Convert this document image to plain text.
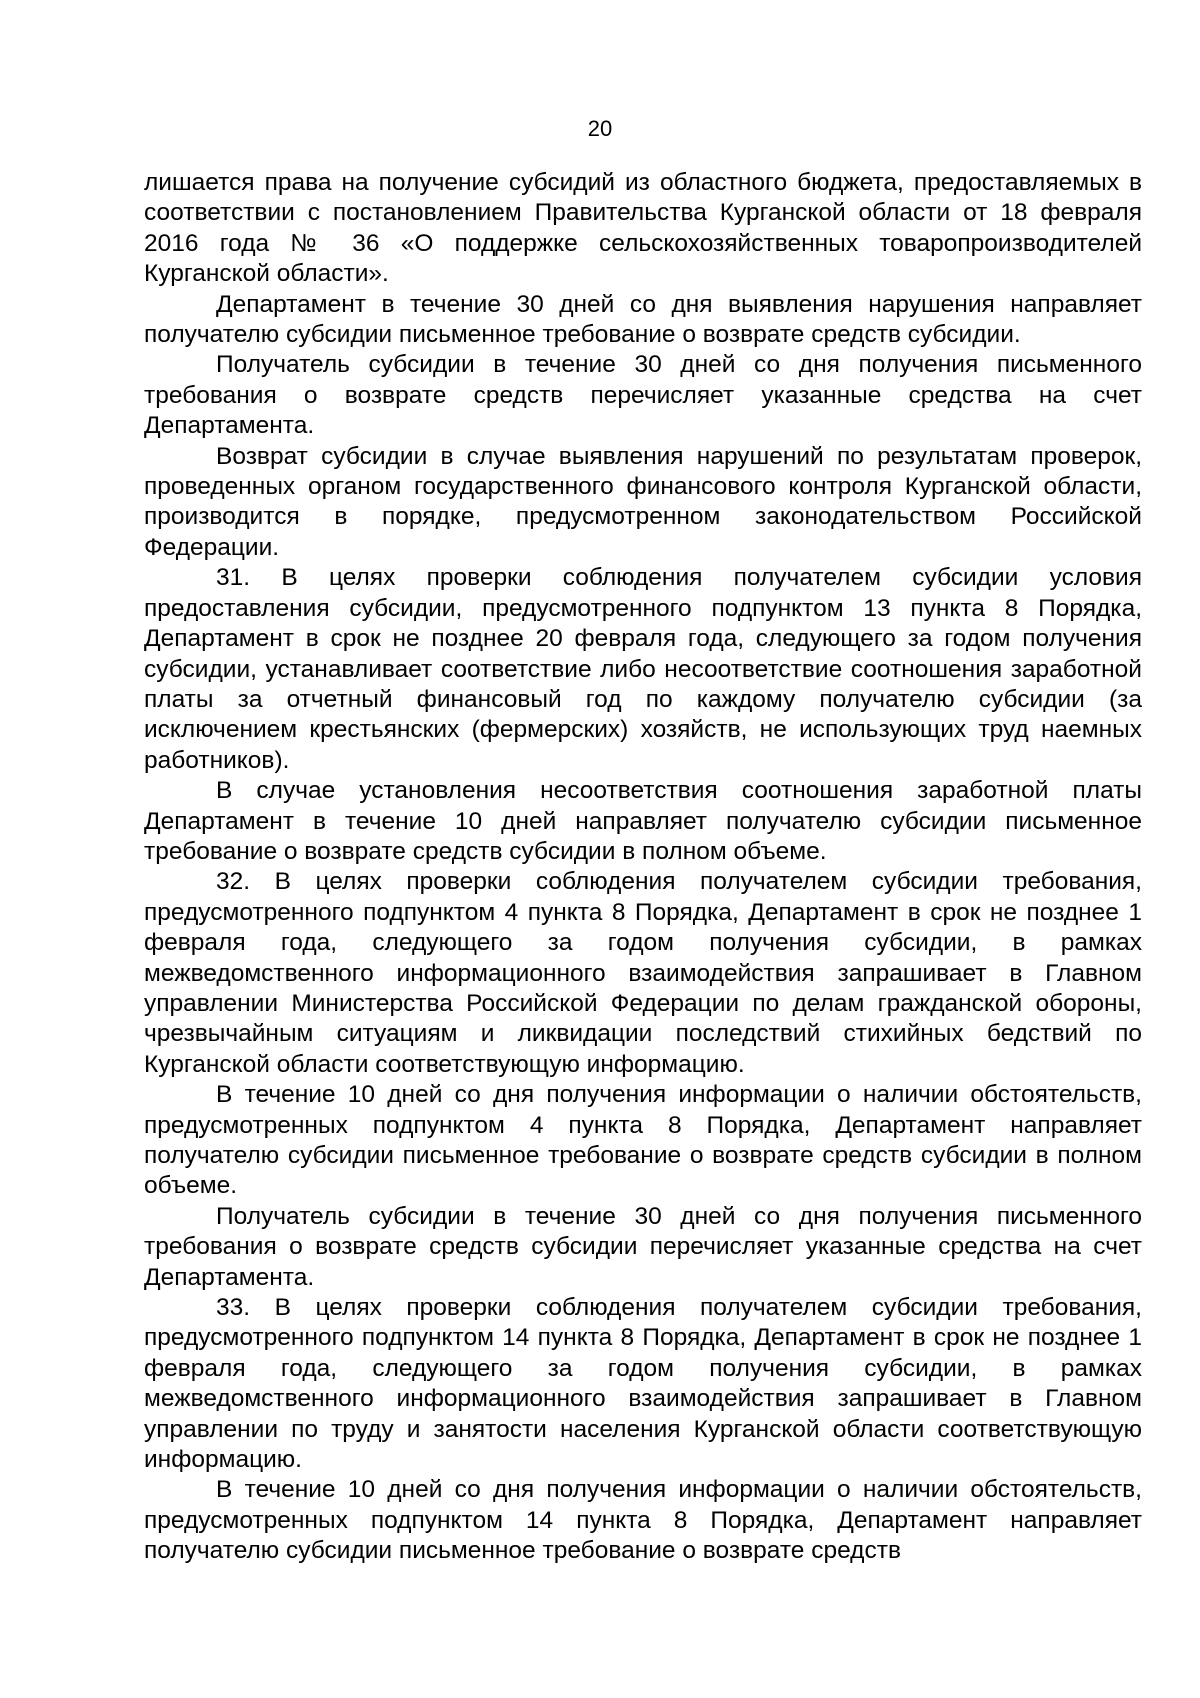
20

лишается права на получение субсидий из областного бюджета, предоставляемых в соответствии с постановлением Правительства Курганской области от 18 февраля 2016 года № 36 «О поддержке сельскохозяйственных товаропроизводителей Курганской области».

Департамент в течение 30 дней со дня выявления нарушения направляет получателю субсидии письменное требование о возврате средств субсидии.

Получатель субсидии в течение 30 дней со дня получения письменного требования о возврате средств перечисляет указанные средства на счет Департамента.

Возврат субсидии в случае выявления нарушений по результатам проверок, проведенных органом государственного финансового контроля Курганской области, производится в порядке, предусмотренном законодательством Российской Федерации.

31. В целях проверки соблюдения получателем субсидии условия предоставления субсидии, предусмотренного подпунктом 13 пункта 8 Порядка, Департамент в срок не позднее 20 февраля года, следующего за годом получения субсидии, устанавливает соответствие либо несоответствие соотношения заработной платы за отчетный финансовый год по каждому получателю субсидии (за исключением крестьянских (фермерских) хозяйств, не использующих труд наемных работников).

В случае установления несоответствия соотношения заработной платы Департамент в течение 10 дней направляет получателю субсидии письменное требование о возврате средств субсидии в полном объеме.

32. В целях проверки соблюдения получателем субсидии требования, предусмотренного подпунктом 4 пункта 8 Порядка, Департамент в срок не позднее 1 февраля года, следующего за годом получения субсидии, в рамках межведомственного информационного взаимодействия запрашивает в Главном управлении Министерства Российской Федерации по делам гражданской обороны, чрезвычайным ситуациям и ликвидации последствий стихийных бедствий по Курганской области соответствующую информацию.

В течение 10 дней со дня получения информации о наличии обстоятельств, предусмотренных подпунктом 4 пункта 8 Порядка, Департамент направляет получателю субсидии письменное требование о возврате средств субсидии в полном объеме.

Получатель субсидии в течение 30 дней со дня получения письменного требования о возврате средств субсидии перечисляет указанные средства на счет Департамента.

33. В целях проверки соблюдения получателем субсидии требования, предусмотренного подпунктом 14 пункта 8 Порядка, Департамент в срок не позднее 1 февраля года, следующего за годом получения субсидии, в рамках межведомственного информационного взаимодействия запрашивает в Главном управлении по труду и занятости населения Курганской области соответствующую информацию.

В течение 10 дней со дня получения информации о наличии обстоятельств, предусмотренных подпунктом 14 пункта 8 Порядка, Департамент направляет получателю субсидии письменное требование о возврате средств
